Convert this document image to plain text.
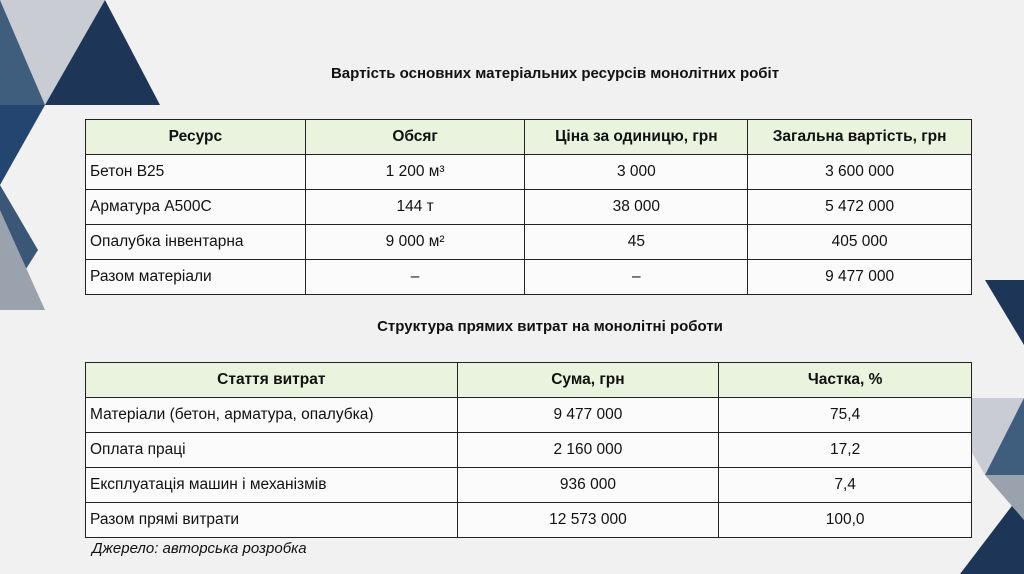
Вартість основних матеріальних ресурсів монолітних робіт
Ресурс	Обсяг	Ціна за одиницю, грн	Загальна вартість, грн
Бетон В25	1 200 м³	3 000	3 600 000
Арматура А500С	144 т	38 000	5 472 000
Опалубка інвентарна	9 000 м²	45	405 000
Разом матеріали	–	–	9 477 000
Структура прямих витрат на монолітні роботи
Стаття витрат	Сума, грн	Частка, %
Матеріали (бетон, арматура, опалубка)	9 477 000	75,4
Оплата праці	2 160 000	17,2
Експлуатація машин і механізмів	936 000	7,4
Разом прямі витрати	12 573 000	100,0
Джерело: авторська розробка
